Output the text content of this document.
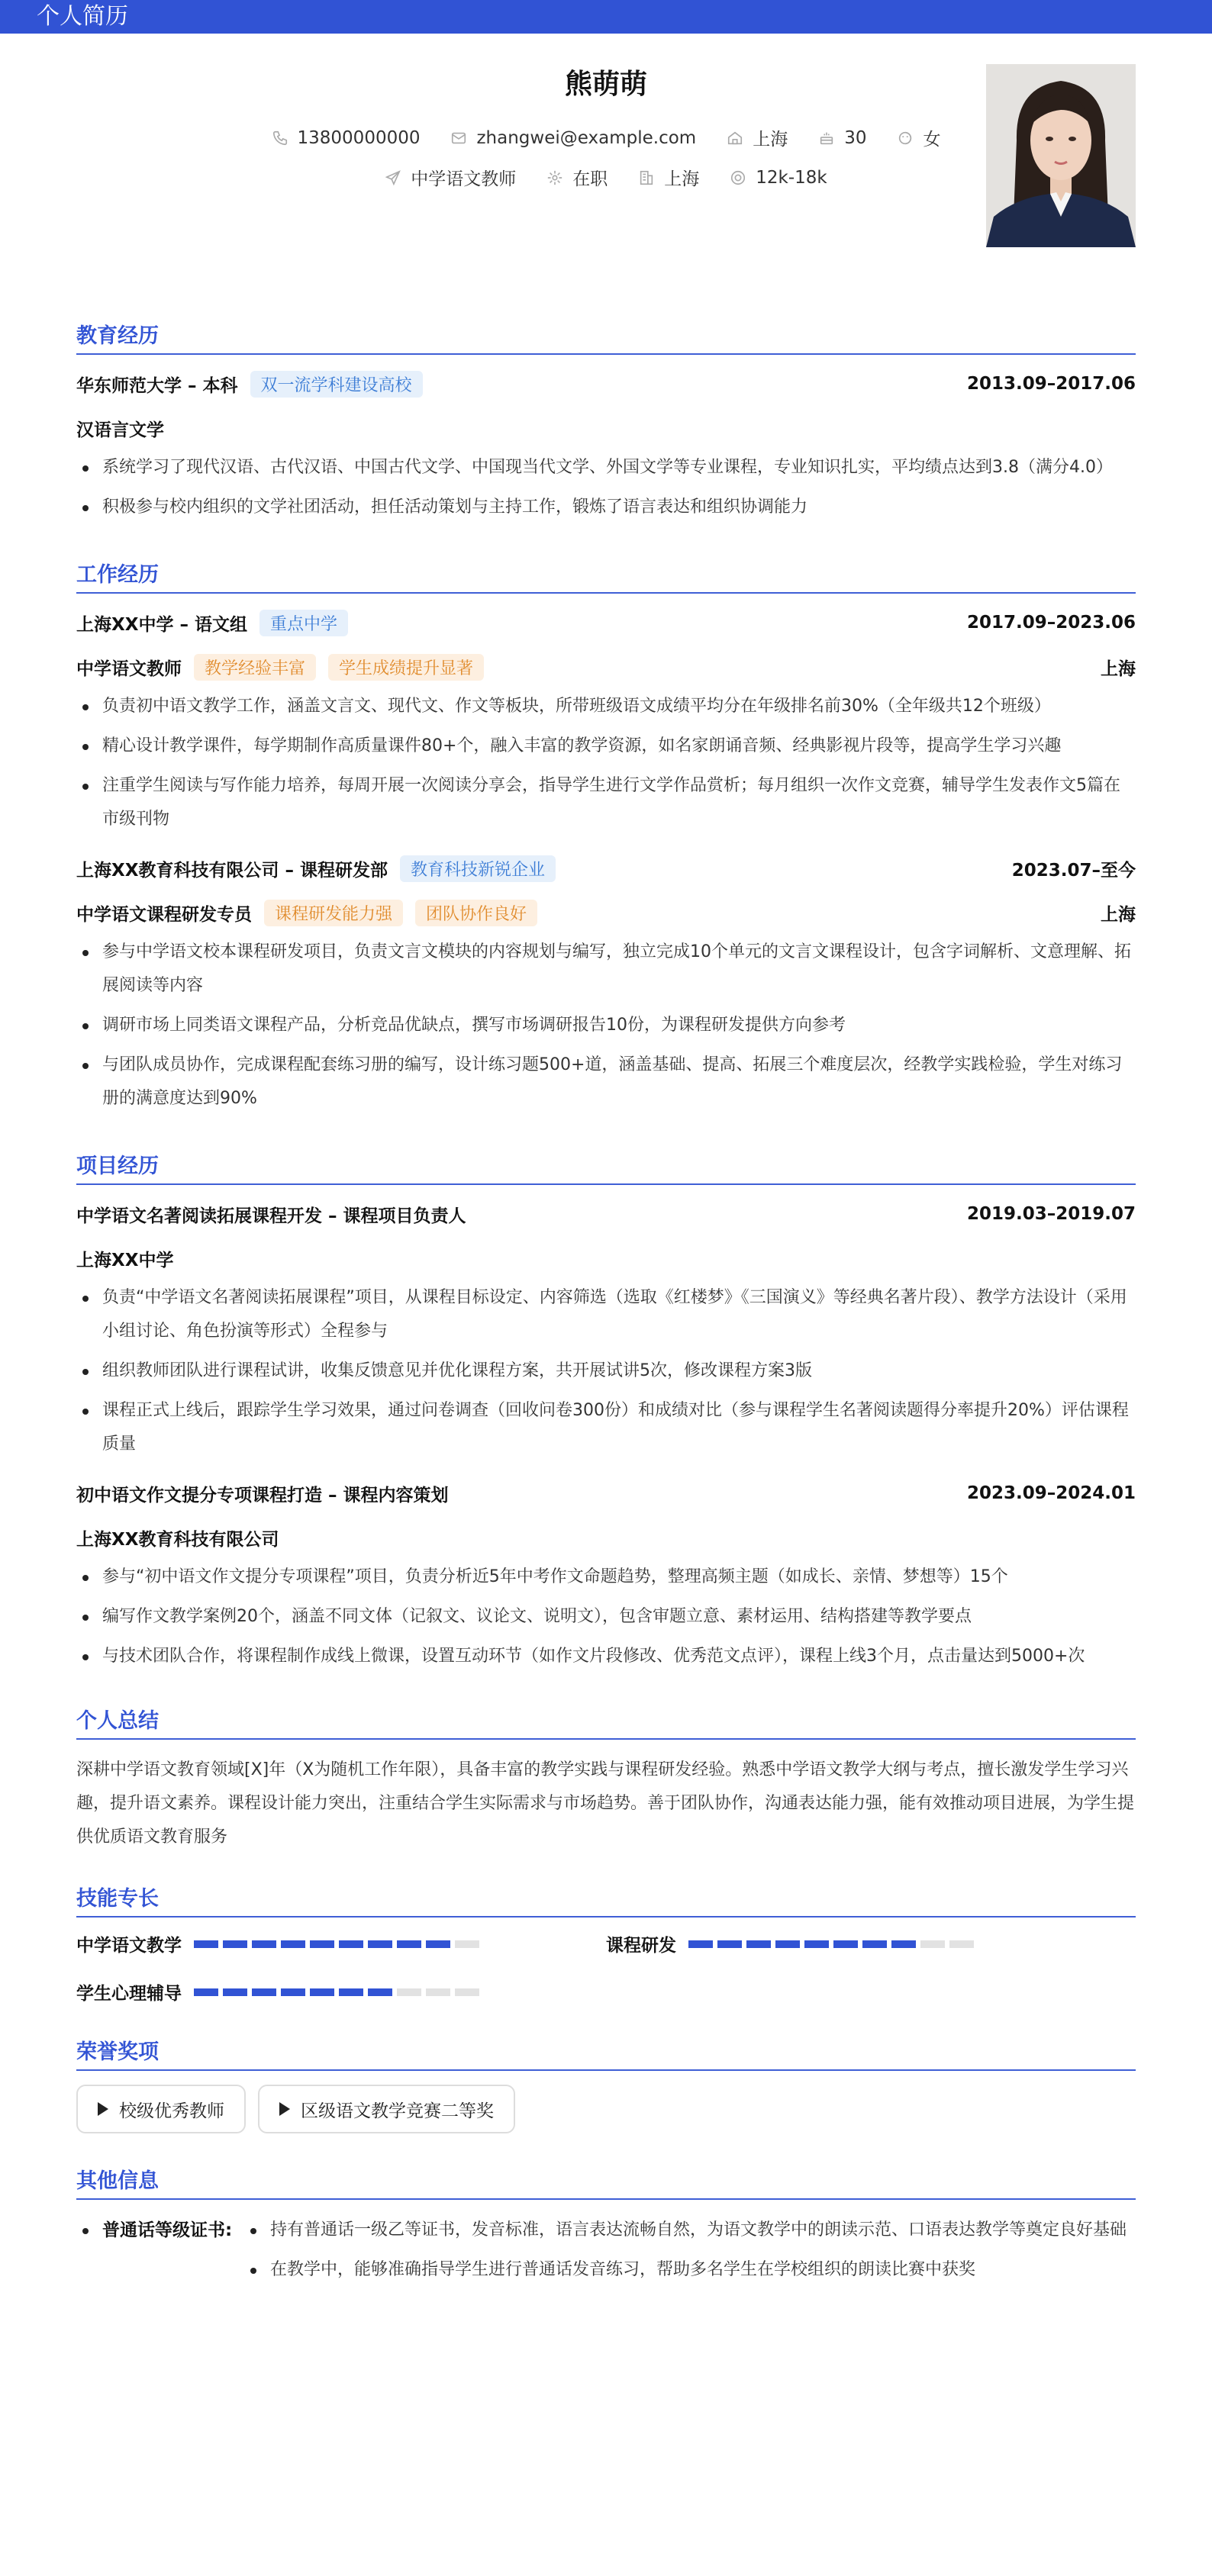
个人简历
熊萌萌
13800000000	zhangwei@example.com	上海	30	女
中学语文教师	在职	上海	12k-18k
教育经历
华东师范大学 – 本科	双一流学科建设高校	2013.09–2017.06
汉语言文学
系统学习了现代汉语、古代汉语、中国古代文学、中国现当代文学、外国文学等专业课程，专业知识扎实，平均绩点达到3.8（满分4.0）
积极参与校内组织的文学社团活动，担任活动策划与主持工作，锻炼了语言表达和组织协调能力
工作经历
上海XX中学 – 语文组	重点中学	2017.09–2023.06
中学语文教师	教学经验丰富	学生成绩提升显著	上海
负责初中语文教学工作，涵盖文言文、现代文、作文等板块，所带班级语文成绩平均分在年级排名前30%（全年级共12个班级）
精心设计教学课件，每学期制作高质量课件80+个，融入丰富的教学资源，如名家朗诵音频、经典影视片段等，提高学生学习兴趣
注重学生阅读与写作能力培养，每周开展一次阅读分享会，指导学生进行文学作品赏析；每月组织一次作文竞赛，辅导学生发表作文5篇在市级刊物
上海XX教育科技有限公司 – 课程研发部	教育科技新锐企业	2023.07–至今
中学语文课程研发专员	课程研发能力强	团队协作良好	上海
参与中学语文校本课程研发项目，负责文言文模块的内容规划与编写，独立完成10个单元的文言文课程设计，包含字词解析、文意理解、拓展阅读等内容
调研市场上同类语文课程产品，分析竞品优缺点，撰写市场调研报告10份，为课程研发提供方向参考
与团队成员协作，完成课程配套练习册的编写，设计练习题500+道，涵盖基础、提高、拓展三个难度层次，经教学实践检验，学生对练习册的满意度达到90%
项目经历
中学语文名著阅读拓展课程开发 – 课程项目负责人	2019.03–2019.07
上海XX中学
负责“中学语文名著阅读拓展课程”项目，从课程目标设定、内容筛选（选取《红楼梦》《三国演义》等经典名著片段）、教学方法设计（采用小组讨论、角色扮演等形式）全程参与
组织教师团队进行课程试讲，收集反馈意见并优化课程方案，共开展试讲5次，修改课程方案3版
课程正式上线后，跟踪学生学习效果，通过问卷调查（回收问卷300份）和成绩对比（参与课程学生名著阅读题得分率提升20%）评估课程质量
初中语文作文提分专项课程打造 – 课程内容策划	2023.09–2024.01
上海XX教育科技有限公司
参与“初中语文作文提分专项课程”项目，负责分析近5年中考作文命题趋势，整理高频主题（如成长、亲情、梦想等）15个
编写作文教学案例20个，涵盖不同文体（记叙文、议论文、说明文），包含审题立意、素材运用、结构搭建等教学要点
与技术团队合作，将课程制作成线上微课，设置互动环节（如作文片段修改、优秀范文点评），课程上线3个月，点击量达到5000+次
个人总结
深耕中学语文教育领域[X]年（X为随机工作年限），具备丰富的教学实践与课程研发经验。熟悉中学语文教学大纲与考点，擅长激发学生学习兴趣，提升语文素养。课程设计能力突出，注重结合学生实际需求与市场趋势。善于团队协作，沟通表达能力强，能有效推动项目进展，为学生提供优质语文教育服务
技能专长
中学语文教学	课程研发
学生心理辅导
荣誉奖项
校级优秀教师	区级语文教学竞赛二等奖
其他信息
普通话等级证书:	持有普通话一级乙等证书，发音标准，语言表达流畅自然，为语文教学中的朗读示范、口语表达教学等奠定良好基础
在教学中，能够准确指导学生进行普通话发音练习，帮助多名学生在学校组织的朗读比赛中获奖
